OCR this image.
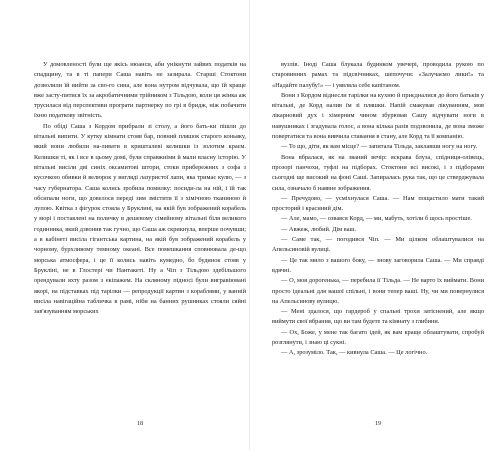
У домовленості були ще якісь нюанси, аби унікнути зайвих податків на спадщину, та в ті папери Саша навіть не зазирала. Старші Стоктони дозволили їй вийти за сво-го сина, але вона нутром відчувала, що їй краще вже засту-питися їх за акробатичними трійником з Тільдою, коли ця жінка аж трусилася від перспективи програти партнерку по грі в бридж, ніж побачити їхню податкову звітність.

По обіді Саша з Кордом прибрали зі столу, а його бать-ки пішли до вітальні випити. У кутку кімнати стояв бар, повний пляшок старого коньяку, який вони любили на-ливати в кришталеві келишки із золотим краєм. Келишки ті, як і все в цьому домі, були справжніми й мали власну історію. У вітальні висіли дві синіх оксамитові штори, стоки прибережних з софа з кусочкою обивки й велюрок у вигляді лазуристої лапи, яка тримає кулю, — з часу губернатора. Саша колись зробила помилку: посиди-ла на ній, і їй так обсипали ноги, що довелося переді зим змістити її з хімічною тканиною й лупою. Квітка з фігурок стояла у Бруклині, на якій був зображений корабель у морі і поставлені на поличку в дешевому сімейному вітальні біля великого годинника, який дзвонив так гучно, що Саша аж скрикнула, вперше почувши; а в кабінеті висіла гігантська картина, на якій був зображений корабель у чорному, бурхливому темному океані. Все помешкання сповнювала де-що морська атмосфера, і це її колись навіть кумедно, бо будинок стояв у Брукліні, не в Глостері чи Нантакеті. Ну а Чіп з Тільдою здебільшого орендували яхту разом з екіпажем. На скляному підносі були вигравіювані якорі, на підставках під тарілки — репродукції картин з кораблями, у ванній висіла навігаційна табличка в рамі, ніби на банних рушниках стояли сяйні зав'язуванням морських

18

вузлів. Іноді Саша блукала будинком увечері, проводила рукою по старовинних рамах та підсвічниках, шепочучи: «Залучаємо лики!» та «Надайте палубу!» — і уявляла себе капітаном.

Вони з Кордом віднесли тарілки на кухню й приєдналися до його батьків у вітальні, де Корд налив їм зі пляшки. Напій смакував лікуванням, мов лікарновий дух і хімерним чином збурював Сашу відчувати ноги в навушниках і згадувала голос, а вона кілька разів подзвонила, де вона зможе повертатися та вона вивчила ставання в стану, але Корд та її компанію.

— То що, діти, як вам місце? — запитала Тільда, заклавши ногу на ногу.

Вона вбралася, як на званий вечір: яскрава блуза, спідниця-олівець, прозорі панчохи, туфлі на підборах. Стоктони всі високі, і з підборами сьогодні ще високий на фоні Саші. Запиралась рука так, що це стверджувала сила, означало б наявне зображення.

— Пречудово, — усміхнулася Саша. — Нам пощастило мати такий просторий і красиний дім.

— Але, мамо, — озвався Корд, — ми, мабуть, хотіли б щось простіше.

— Авжеж, любий. Дім ваш.

— Саме так, — погодився Чіп. — Ми цілком облаштувалися на Апельсиновій вулиці.

— Це так мило з вашого боку, — знову заговорила Саша. — Ми справді вдячні.

— О, моя дорогенька, — перебила її Тільда. — Не варто їх виймати. Вони просто ідеальні для вашої спільні, і вони тепер ваші. Ну, чи ми повернулися на Апельсинову вулицю.

— Мені здалося, що гардероб у спальні трохи затіснений, але якщо виймути свої вбрання, що ви там будете та кімнату з глибини.

— Ох, Боже, у мене так багато ідей, як вам краще облаштувати, спробуй розглянути, і знаю ці сукні.

— А, зрозуміло. Так, — кивнула Саша. — Це логічно.

19
